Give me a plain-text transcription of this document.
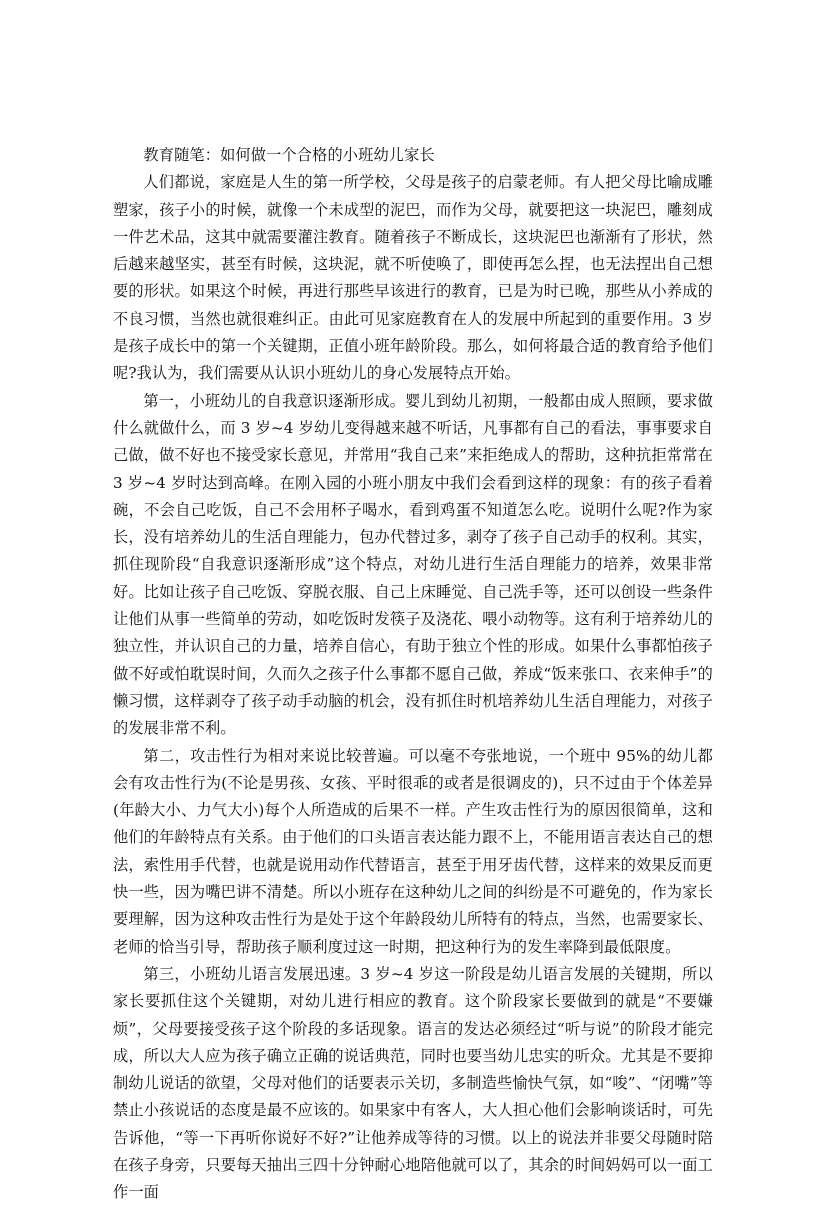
教育随笔：如何做一个合格的小班幼儿家长

人们都说，家庭是人生的第一所学校，父母是孩子的启蒙老师。有人把父母比喻成雕塑家，孩子小的时候，就像一个未成型的泥巴，而作为父母，就要把这一块泥巴，雕刻成一件艺术品，这其中就需要灌注教育。随着孩子不断成长，这块泥巴也渐渐有了形状，然后越来越坚实，甚至有时候，这块泥，就不听使唤了，即使再怎么捏，也无法捏出自己想要的形状。如果这个时候，再进行那些早该进行的教育，已是为时已晚，那些从小养成的不良习惯，当然也就很难纠正。由此可见家庭教育在人的发展中所起到的重要作用。3 岁是孩子成长中的第一个关键期，正值小班年龄阶段。那么，如何将最合适的教育给予他们呢?我认为，我们需要从认识小班幼儿的身心发展特点开始。

第一，小班幼儿的自我意识逐渐形成。婴儿到幼儿初期，一般都由成人照顾，要求做什么就做什么，而 3 岁~4 岁幼儿变得越来越不听话，凡事都有自己的看法，事事要求自己做，做不好也不接受家长意见，并常用“我自己来”来拒绝成人的帮助，这种抗拒常常在 3 岁~4 岁时达到高峰。在刚入园的小班小朋友中我们会看到这样的现象：有的孩子看着碗，不会自己吃饭，自己不会用杯子喝水，看到鸡蛋不知道怎么吃。说明什么呢?作为家长，没有培养幼儿的生活自理能力，包办代替过多，剥夺了孩子自己动手的权利。其实，抓住现阶段“自我意识逐渐形成”这个特点，对幼儿进行生活自理能力的培养，效果非常好。比如让孩子自己吃饭、穿脱衣服、自己上床睡觉、自己洗手等，还可以创设一些条件让他们从事一些简单的劳动，如吃饭时发筷子及浇花、喂小动物等。这有利于培养幼儿的独立性，并认识自己的力量，培养自信心，有助于独立个性的形成。如果什么事都怕孩子做不好或怕耽误时间，久而久之孩子什么事都不愿自己做，养成“饭来张口、衣来伸手”的懒习惯，这样剥夺了孩子动手动脑的机会，没有抓住时机培养幼儿生活自理能力，对孩子的发展非常不利。

第二，攻击性行为相对来说比较普遍。可以毫不夸张地说，一个班中 95%的幼儿都会有攻击性行为(不论是男孩、女孩、平时很乖的或者是很调皮的)，只不过由于个体差异(年龄大小、力气大小)每个人所造成的后果不一样。产生攻击性行为的原因很简单，这和他们的年龄特点有关系。由于他们的口头语言表达能力跟不上，不能用语言表达自己的想法，索性用手代替，也就是说用动作代替语言，甚至于用牙齿代替，这样来的效果反而更快一些，因为嘴巴讲不清楚。所以小班存在这种幼儿之间的纠纷是不可避免的，作为家长要理解，因为这种攻击性行为是处于这个年龄段幼儿所特有的特点，当然，也需要家长、老师的恰当引导，帮助孩子顺利度过这一时期，把这种行为的发生率降到最低限度。

第三，小班幼儿语言发展迅速。3 岁~4 岁这一阶段是幼儿语言发展的关键期，所以家长要抓住这个关键期，对幼儿进行相应的教育。这个阶段家长要做到的就是“不要嫌烦”，父母要接受孩子这个阶段的多话现象。语言的发达必须经过“听与说”的阶段才能完成，所以大人应为孩子确立正确的说话典范，同时也要当幼儿忠实的听众。尤其是不要抑制幼儿说话的欲望，父母对他们的话要表示关切，多制造些愉快气氛，如“唆”、“闭嘴”等禁止小孩说话的态度是最不应该的。如果家中有客人，大人担心他们会影响谈话时，可先告诉他，“等一下再听你说好不好?”让他养成等待的习惯。以上的说法并非要父母随时陪在孩子身旁，只要每天抽出三四十分钟耐心地陪他就可以了，其余的时间妈妈可以一面工作一面
